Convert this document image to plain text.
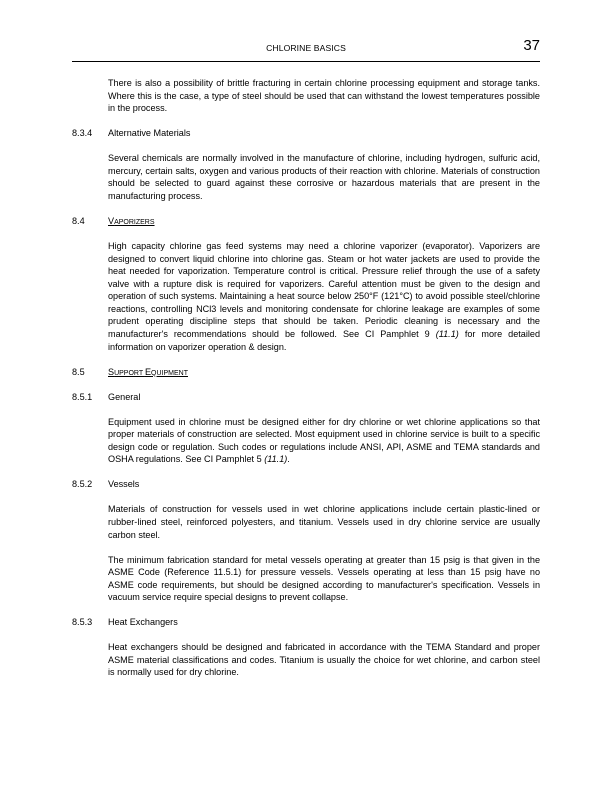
CHLORINE BASICS	37

There is also a possibility of brittle fracturing in certain chlorine processing equipment and storage tanks. Where this is the case, a type of steel should be used that can withstand the lowest temperatures possible in the process.

8.3.4 Alternative Materials

Several chemicals are normally involved in the manufacture of chlorine, including hydrogen, sulfuric acid, mercury, certain salts, oxygen and various products of their reaction with chlorine. Materials of construction should be selected to guard against these corrosive or hazardous materials that are present in the manufacturing process.

8.4	VAPORIZERS

High capacity chlorine gas feed systems may need a chlorine vaporizer (evaporator). Vaporizers are designed to convert liquid chlorine into chlorine gas. Steam or hot water jackets are used to provide the heat needed for vaporization. Temperature control is critical. Pressure relief through the use of a safety valve with a rupture disk is required for vaporizers. Careful attention must be given to the design and operation of such systems. Maintaining a heat source below 250°F (121°C) to avoid possible steel/chlorine reactions, controlling NCl3 levels and monitoring condensate for chlorine leakage are examples of some prudent operating discipline steps that should be taken. Periodic cleaning is necessary and the manufacturer's recommendations should be followed. See CI Pamphlet 9 (11.1) for more detailed information on vaporizer operation & design.

8.5	SUPPORT EQUIPMENT
8.5.1 General

Equipment used in chlorine must be designed either for dry chlorine or wet chlorine applications so that proper materials of construction are selected. Most equipment used in chlorine service is built to a specific design code or regulation. Such codes or regulations include ANSI, API, ASME and TEMA standards and OSHA regulations. See CI Pamphlet 5 (11.1).

8.5.2 Vessels

Materials of construction for vessels used in wet chlorine applications include certain plastic-lined or rubber-lined steel, reinforced polyesters, and titanium. Vessels used in dry chlorine service are usually carbon steel.

The minimum fabrication standard for metal vessels operating at greater than 15 psig is that given in the ASME Code (Reference 11.5.1) for pressure vessels. Vessels operating at less than 15 psig have no ASME code requirements, but should be designed according to manufacturer's specification. Vessels in vacuum service require special designs to prevent collapse.

8.5.3 Heat Exchangers

Heat exchangers should be designed and fabricated in accordance with the TEMA Standard and proper ASME material classifications and codes. Titanium is usually the choice for wet chlorine, and carbon steel is normally used for dry chlorine.
